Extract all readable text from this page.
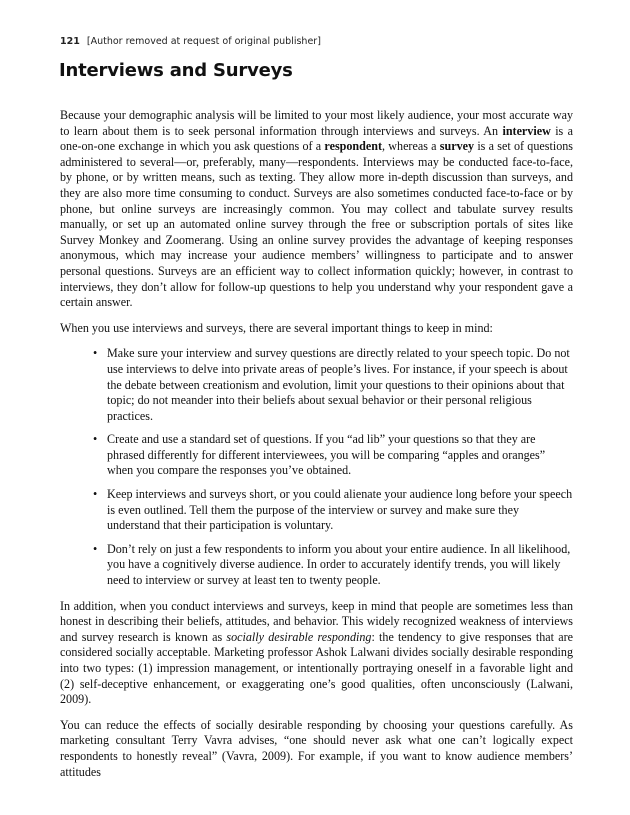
121 [Author removed at request of original publisher]
Interviews and Surveys

Because your demographic analysis will be limited to your most likely audience, your most accurate way to learn about them is to seek personal information through interviews and surveys. An interview is a one-on-one exchange in which you ask questions of a respondent, whereas a survey is a set of questions administered to several—or, preferably, many—respondents. Interviews may be conducted face-to-face, by phone, or by written means, such as texting. They allow more in-depth discussion than surveys, and they are also more time consuming to conduct. Surveys are also sometimes conducted face-to-face or by phone, but online surveys are increasingly common. You may collect and tabulate survey results manually, or set up an automated online survey through the free or subscription portals of sites like Survey Monkey and Zoomerang. Using an online survey provides the advantage of keeping responses anonymous, which may increase your audience members’ willingness to participate and to answer personal questions. Surveys are an efficient way to collect information quickly; however, in contrast to interviews, they don’t allow for follow-up questions to help you understand why your respondent gave a certain answer.

When you use interviews and surveys, there are several important things to keep in mind:

• Make sure your interview and survey questions are directly related to your speech topic. Do not use interviews to delve into private areas of people’s lives. For instance, if your speech is about the debate between creationism and evolution, limit your questions to their opinions about that topic; do not meander into their beliefs about sexual behavior or their personal religious practices.
• Create and use a standard set of questions. If you “ad lib” your questions so that they are phrased differently for different interviewees, you will be comparing “apples and oranges” when you compare the responses you’ve obtained.
• Keep interviews and surveys short, or you could alienate your audience long before your speech is even outlined. Tell them the purpose of the interview or survey and make sure they understand that their participation is voluntary.
• Don’t rely on just a few respondents to inform you about your entire audience. In all likelihood, you have a cognitively diverse audience. In order to accurately identify trends, you will likely need to interview or survey at least ten to twenty people.

In addition, when you conduct interviews and surveys, keep in mind that people are sometimes less than honest in describing their beliefs, attitudes, and behavior. This widely recognized weakness of interviews and survey research is known as socially desirable responding: the tendency to give responses that are considered socially acceptable. Marketing professor Ashok Lalwani divides socially desirable responding into two types: (1) impression management, or intentionally portraying oneself in a favorable light and (2) self-deceptive enhancement, or exaggerating one’s good qualities, often unconsciously (Lalwani, 2009).

You can reduce the effects of socially desirable responding by choosing your questions carefully. As marketing consultant Terry Vavra advises, “one should never ask what one can’t logically expect respondents to honestly reveal” (Vavra, 2009). For example, if you want to know audience members’ attitudes
